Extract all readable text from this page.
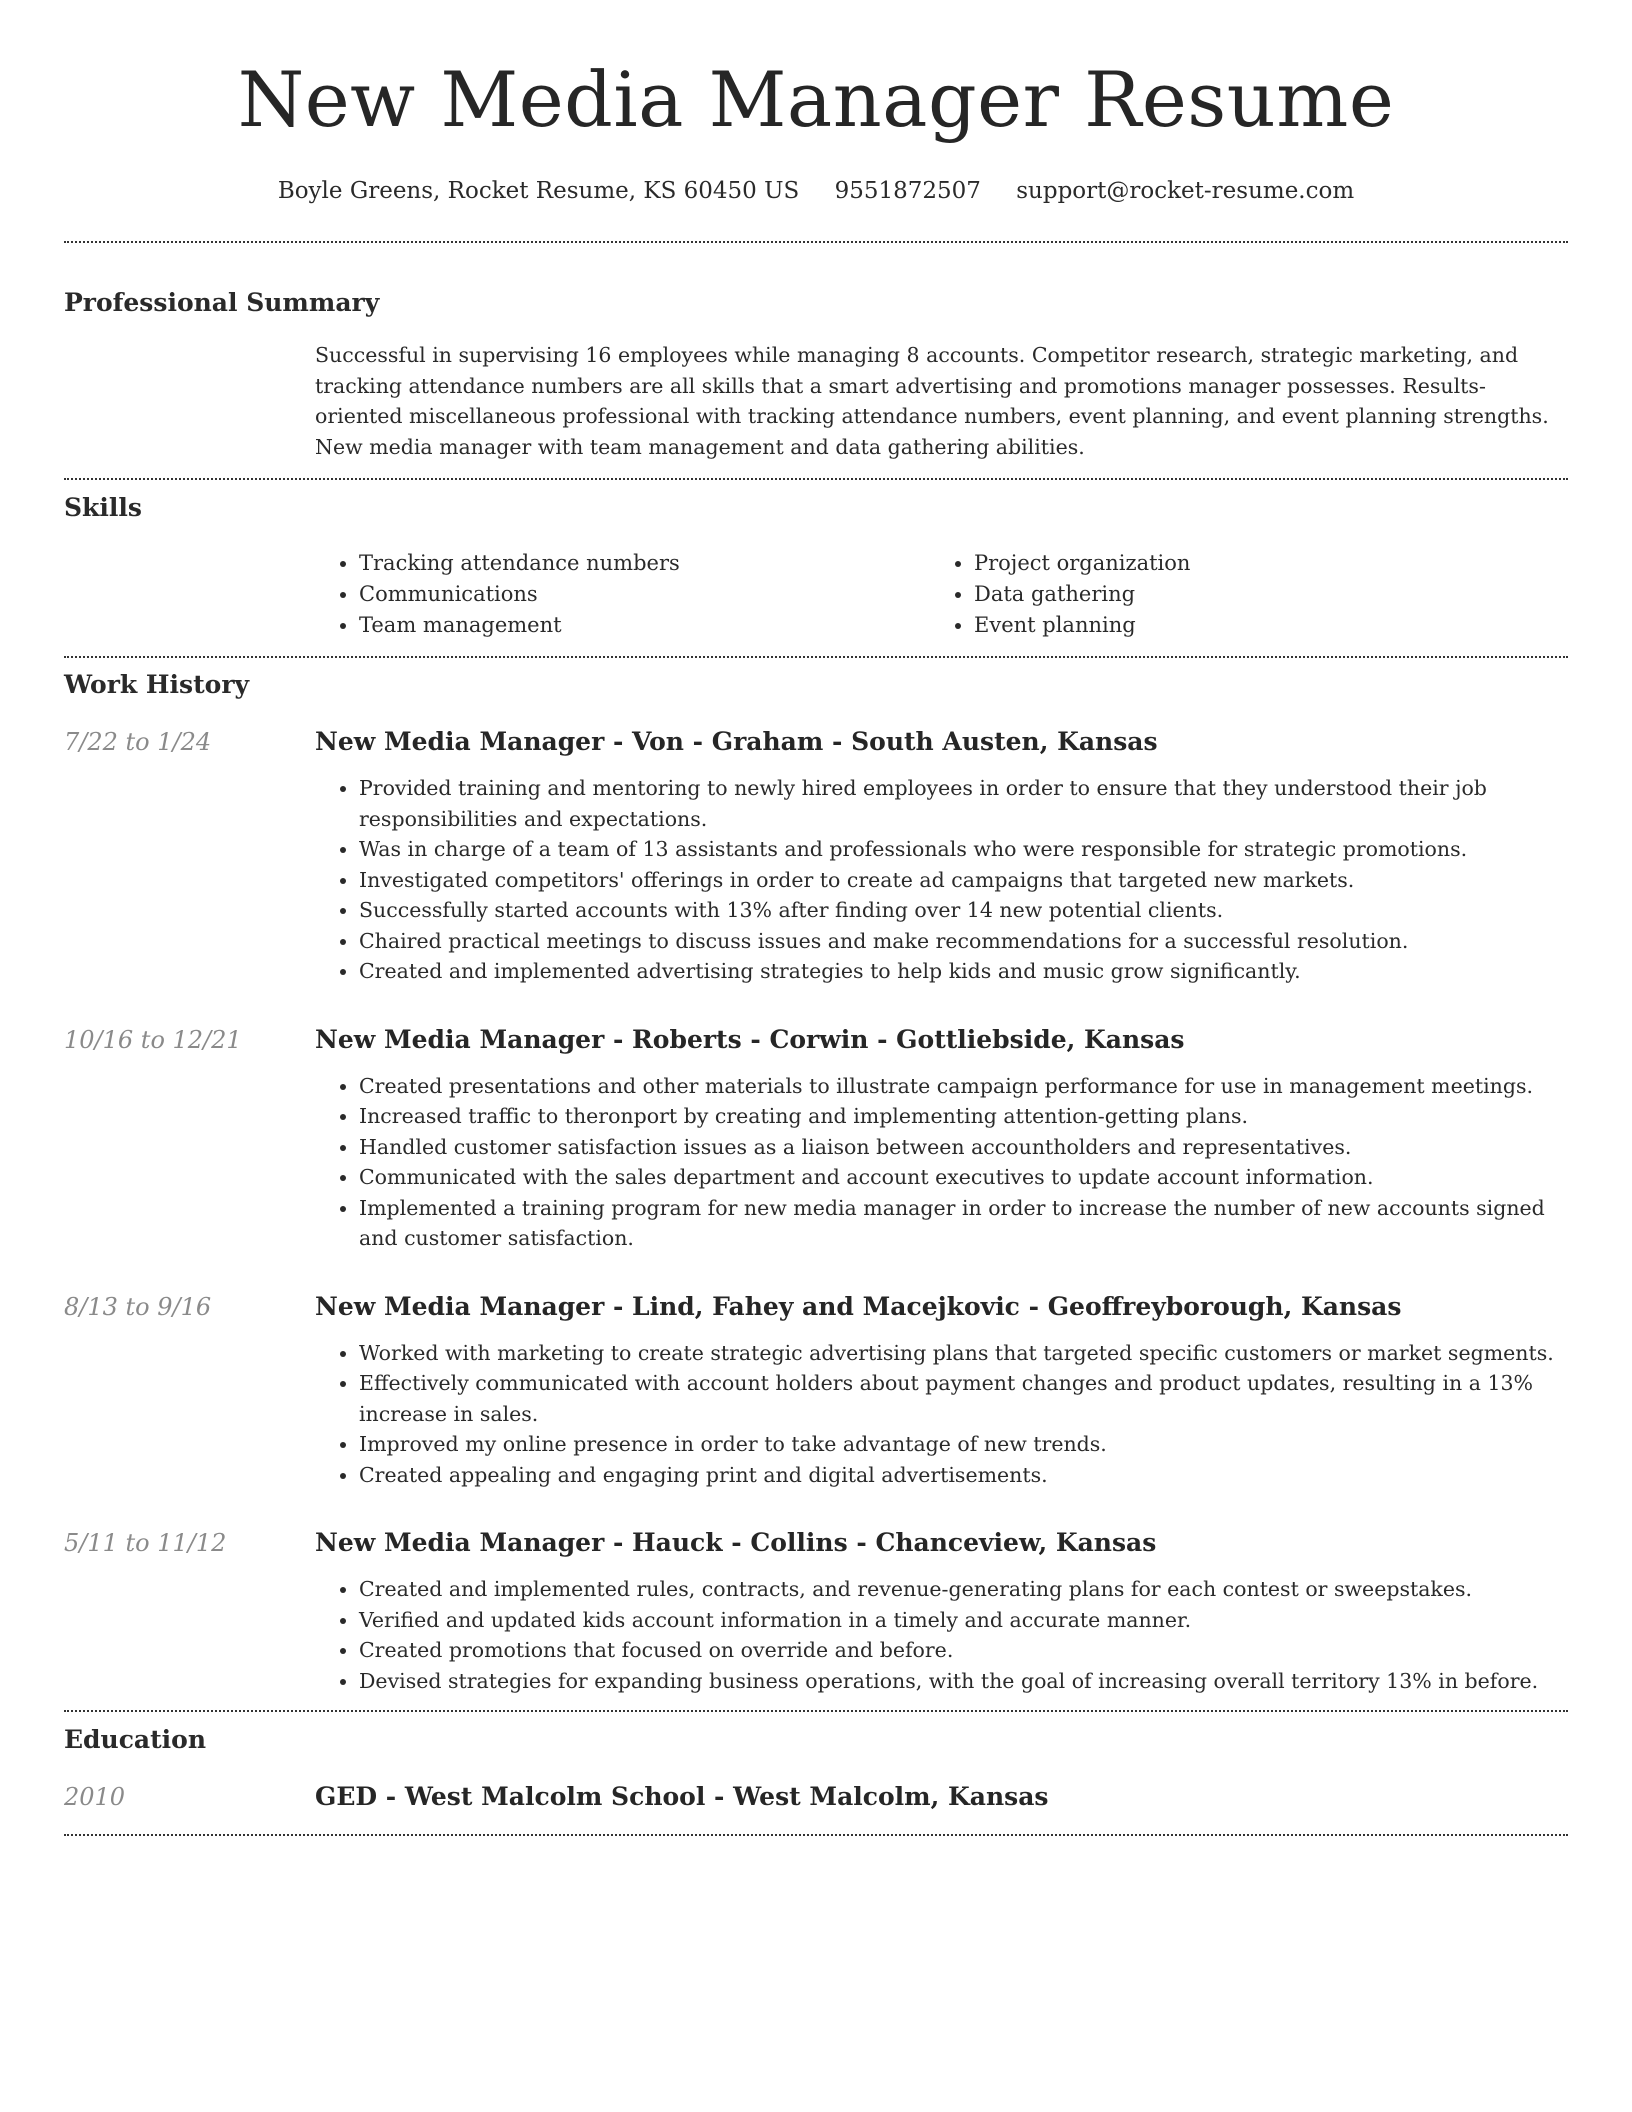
New Media Manager Resume
Boyle Greens, Rocket Resume, KS 60450 US 9551872507 support@rocket-resume.com
Professional Summary

Successful in supervising 16 employees while managing 8 accounts. Competitor research, strategic marketing, and tracking attendance numbers are all skills that a smart advertising and promotions manager possesses. Results-oriented miscellaneous professional with tracking attendance numbers, event planning, and event planning strengths. New media manager with team management and data gathering abilities.

Skills
• Tracking attendance numbers
• Communications
• Team management
• Project organization
• Data gathering
• Event planning
Work History
7/22 to 1/24	New Media Manager - Von - Graham - South Austen, Kansas
• Provided training and mentoring to newly hired employees in order to ensure that they understood their job responsibilities and expectations.
• Was in charge of a team of 13 assistants and professionals who were responsible for strategic promotions.
• Investigated competitors' offerings in order to create ad campaigns that targeted new markets.
• Successfully started accounts with 13% after finding over 14 new potential clients.
• Chaired practical meetings to discuss issues and make recommendations for a successful resolution.
• Created and implemented advertising strategies to help kids and music grow significantly.
10/16 to 12/21	New Media Manager - Roberts - Corwin - Gottliebside, Kansas
• Created presentations and other materials to illustrate campaign performance for use in management meetings.
• Increased traffic to theronport by creating and implementing attention-getting plans.
• Handled customer satisfaction issues as a liaison between accountholders and representatives.
• Communicated with the sales department and account executives to update account information.
• Implemented a training program for new media manager in order to increase the number of new accounts signed and customer satisfaction.
8/13 to 9/16	New Media Manager - Lind, Fahey and Macejkovic - Geoffreyborough, Kansas
• Worked with marketing to create strategic advertising plans that targeted specific customers or market segments.
• Effectively communicated with account holders about payment changes and product updates, resulting in a 13% increase in sales.
• Improved my online presence in order to take advantage of new trends.
• Created appealing and engaging print and digital advertisements.
5/11 to 11/12	New Media Manager - Hauck - Collins - Chanceview, Kansas
• Created and implemented rules, contracts, and revenue-generating plans for each contest or sweepstakes.
• Verified and updated kids account information in a timely and accurate manner.
• Created promotions that focused on override and before.
• Devised strategies for expanding business operations, with the goal of increasing overall territory 13% in before.
Education
2010	GED - West Malcolm School - West Malcolm, Kansas
